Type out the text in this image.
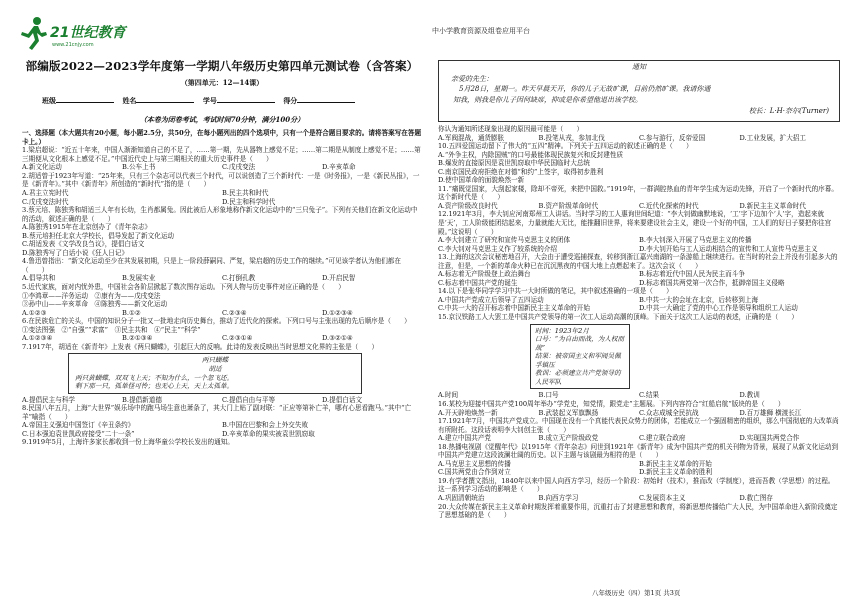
21世纪教育
www.21cnjy.com
中小学教育资源及组卷应用平台
部编版2022—2023学年度第一学期八年级历史第四单元测试卷（含答案）
（第四单元：12—14课）
班级	姓名	学号	得分
（本卷为闭卷考试，考试时间70分钟，满分100分）

一、选择题（本大题共有20小题，每小题2.5分，共50分，在每小题列出的四个选项中，只有一个是符合题目要求的。请将答案写在答题卡上。）

1.梁启超说：“近五十年来，中国人渐渐知道自己的不足了，……第一期，先从器物上感觉不足；……第二期是从制度上感觉不足；……第三期便从文化根本上感觉不足。”中国近代史上与第三期相关的重大历史事件是（　　）

A.新文化运动	B.公车上书	C.戊戌变法	D.辛亥革命

2.胡适曾于1923年写道：“25年来，只有三个杂志可以代表三个时代，可以说创造了三个新时代：一是《时务报》，一是《新民丛报》，一是《新青年》。”其中《新青年》所创造的“新时代”指的是（　　）

A.君主立宪时代	B.民主共和时代
C.戊戌变法时代	D.民主和科学时代

3.蔡元培、陈独秀和胡适三人年有长幼，生肖都属兔。因此被后人形象地称作新文化运动中的“三只兔子”。下列有关他们在新文化运动中的活动，叙述正确的是（　　）

A.陈独秀1915年在北京创办了《青年杂志》
B.蔡元培担任北京大学校长，倡导发起了新文化运动
C.胡适发表《文学改良刍议》，提倡白话文
D.陈独秀写了白话小说《狂人日记》

4.鲁迅曾指出：“新文化运动至少在其发展初期，只是上一阶段薛嗣同、严复，梁启超的历史工作的继续。”可见该学者认为他们都在（　　）

A.倡导共和	B.发展实业	C.打倒孔教	D.开启民智

5.近代家族，面对内忧外患，中国社会各阶层掀起了数次图存运动。下列人物与历史事件对应正确的是（　　）

①李鸿章——洋务运动　②康有为——戊戌变法
③孙中山——辛亥革命　④陈独秀——新文化运动
A.①②③	B.①②	C.②③④	D.①②③④

6.在民族危亡的关头，中国的知识分子一批又一批地走向历史舞台，推动了近代化的探索。下列口号与主张出现的先后顺序是（　　）

①变法图强　②“自强”“求富”　③民主共和　④“民主”“科学”
A.①②③④	B.②①③④	C.②③①④	D.③②①④

7.1917年，胡适在《新青年》上发表《两只蝴蝶》，引起巨大的反响。此诗的发表反映出当时思想文化界的主张是（　　）

两只蝴蝶
胡适
两只黄蝴蝶，双双飞上天；不知为什么，一个忽飞还。
剩下那一只，孤单怪可怜；也无心上天，天上太孤单。
A.提倡民主与科学	B.提倡新道德	C.提倡自由与平等	D.提倡白话文

8.民国八年五月，上海“大世界”娱乐场中的跑马场生意也萧条了，其大门上贴了副对联：“正应等第补亡羊，哪有心思看跑马。”其中“亡羊”喻指（　　）

A.帝国主义强迫中国签订《辛丑条约》	B.中国在巴黎和会上外交失败
C.日本强迫袁世凯政府接受“二十一条”	D.辛亥革命的果实被袁世凯窃取

9.1919年5月，上海许多家长都收到一份上海华童公学校长发出的通知。

通知
亲爱的先生：
5月28日，星期一。昨天早晨天开，你的儿子无故旷课，目前仍然旷课。我请你通
知我，则我是你儿子因何缺席，抑或是你希望他退出该学校。
校长：L·H·奈尔(Turner)

你认为通知所述现象出现的原因最可能是（　　）

A.军阀混战，通货膨胀	B.投笔从戎，参加北伐	C.参与游行，反帝爱国	D.工业发展，扩大招工

10.五四爱国运动留下了伟大的“五四”精神。下列关于五四运动的叙述正确的是（　　）

A.“外争主权，内除国贼”的口号最能体现民族复兴和反封建性质
B.爆发的直接原因是袁世凯窃取中华民国临时大总统
C.南京国民政府拒绝在对德“和约”上签字，取得初步胜利
D.使中国革命的面貌焕然一新

11.“痛既觉国家，大刮起家楼，除却不帝死，来把中国救。”1919年，一群满腔热血的青年学生成为运动先锋，开启了一个新时代的序幕。这个新时代是（　　）

A.资产阶级改良时代	B.资产阶级革命时代	C.近代化探索的时代	D.新民主主义革命时代

12.1921年3月，李大钊应河南郑州工人讲话。当时学习的工人惠询世间纪道：“李大钊做幽默地说，‘工’字下边加个‘人’字，造起来就是‘天’，工人阶级能团结起来，力量就能大无比，能推翻旧世界，将来要建设社会主义，建设一个好的中国，工人们的好日子要把你往宫殿。”这说明（　　）

A.李大钊建立了研究和宣传马克思主义的团体	B.李大钊深入开展了马克思主义的传播
C.李大钊对马克思主义作了较系统的介绍	D.李大钊开始与工人运动相结合的宣传和工人宣传马克思主义

13.上海的这次会议秘密地召开，大会由于遭受巡捕探查，转移到浙江嘉兴南湖的一条游船上继续进行。在当时的社会上并没有引起多大的注意，但是，一个新的革命火种已在沉沉黑夜的中国大地上点燃起来了。这次会议（　　）

A.标志着无产阶级登上政治舞台	B.标志着近代中国人民为民主而斗争
C.标志着中国共产党的诞生	D.标志着国共两党第一次合作，抵御帝国主义侵略

14.以下是张华同学学习中共一大时所做的笔记，其中叙述准确的一项是（　　）

A.中国共产党成立后领导了五四运动	B.中共一大的会址在北京，后转移到上海
C.中共一大的召开标志着中国新民主主义革命的开始	D.中共一大确定了党的中心工作是领导和组织工人运动

15.京汉铁路工人大罢工是中国共产党领导的第一次工人运动高潮的顶峰。下面关于这次工人运动的表述，正确的是（　　）

时间：1923年2月
口号：“为自由而战，为人权而战”
结果：被帝国主义和军阀吴佩孚镇压
教训：必须建立共产党领导的人民军队
A.时间	B.口号	C.结果	D.教训

16.某校为迎接中国共产党100周年举办“学党史，知党情，跟党走”主题展。下列内容符合“红船启航”版块的是（　　）

A.开天辟地焕然一新	B.武装起义军旗飘扬	C.众志成城全民抗战	D.百万雄狮 横渡长江

17.1921年7月，中国共产党成立。中国现在没有一个真能代表民众势力的团体，若能成立一个强固精密的组织，那么中国彻底的大改革尚有所附托。这段话表明李大钊创主张（　　）

A.建立中国共产党	B.成立无产阶级政党	C.建立联合政府	D.实现国共两党合作

18.热播电视剧《觉醒年代》以1915年《青年杂志》问世到1921年《新青年》成为中国共产党的机关刊物为背景，展现了从新文化运动到中国共产党建立这段波澜壮阔的历史。以下主题与该剧最为相符的是（　　）

A.马克思主义思想的传播	B.新民主主义革命的开始
C.国共两党由合作到对立	D.新民主主义革命的胜利

19.有学者撰文指出，1840年以来中国人向西方学习，经历一个阶段：初始时（技术），推而改（学制度），进而吾教（学思想）的过程。这一系列学习活动的影响是（　　）

A.巩固清朝统治	B.向西方学习	C.发展资本主义	D.救亡图存

20.大众传媒在新民主主义革命时期发挥着重要作用，沉重打击了封建思想和教育，将新思想传播给广大人民，为中国革命进入新阶段奠定了思想基础的是（　　）

八年级历史（四）第1页 共3页
